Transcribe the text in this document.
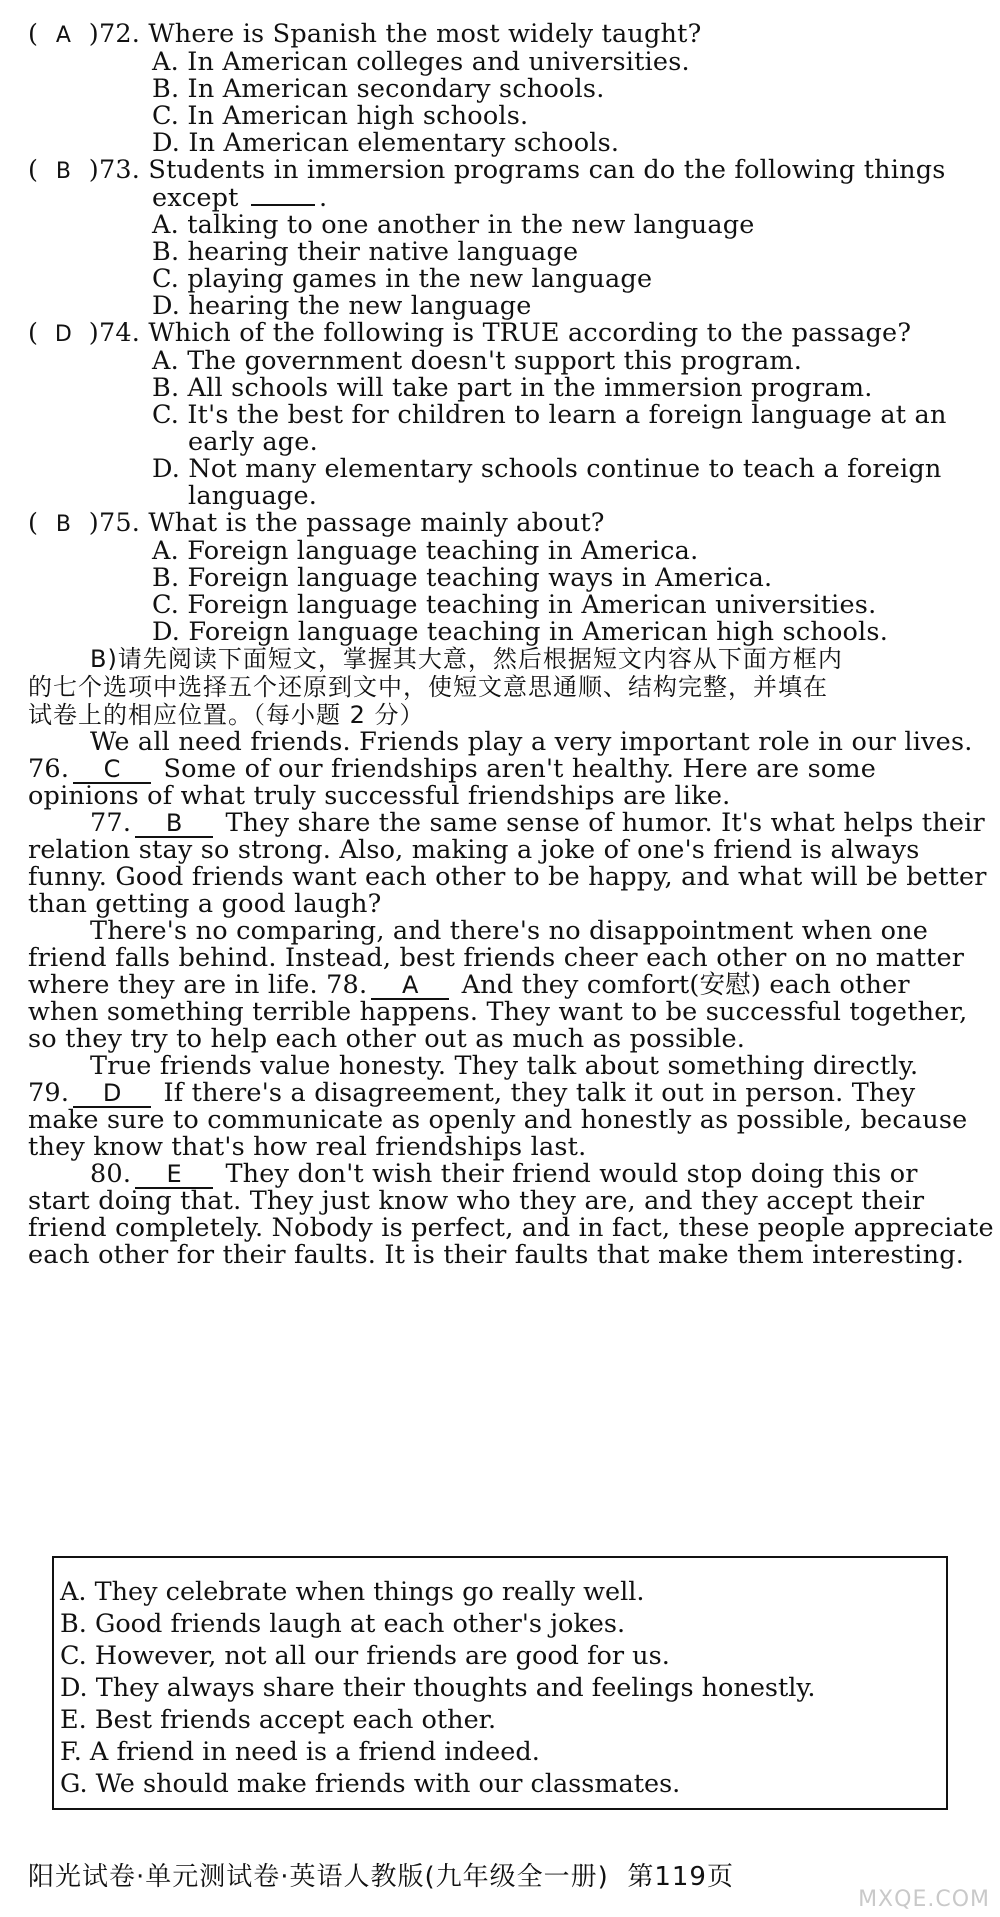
( A )72. Where is Spanish the most widely taught?
A. In American colleges and universities.
B. In American secondary schools.
C. In American high schools.
D. In American elementary schools.
( B )73. Students in immersion programs can do the following things
except	.
A. talking to one another in the new language
B. hearing their native language
C. playing games in the new language
D. hearing the new language
( D )74. Which of the following is TRUE according to the passage?
A. The government doesn't support this program.
B. All schools will take part in the immersion program.
C. It's the best for children to learn a foreign language at an
early age.
D. Not many elementary schools continue to teach a foreign
language.
( B )75. What is the passage mainly about?
A. Foreign language teaching in America.
B. Foreign language teaching ways in America.
C. Foreign language teaching in American universities.
D. Foreign language teaching in American high schools.
B)请先阅读下面短文，掌握其大意，然后根据短文内容从下面方框内
的七个选项中选择五个还原到文中，使短文意思通顺、结构完整，并填在
试卷上的相应位置。（每小题 2 分）
We all need friends. Friends play a very important role in our lives.
76. C Some of our friendships aren't healthy. Here are some
opinions of what truly successful friendships are like.
77. B They share the same sense of humor. It's what helps their
relation stay so strong. Also, making a joke of one's friend is always
funny. Good friends want each other to be happy, and what will be better
than getting a good laugh?
There's no comparing, and there's no disappointment when one
friend falls behind. Instead, best friends cheer each other on no matter
where they are in life. 78. A And they comfort(安慰) each other
when something terrible happens. They want to be successful together,
so they try to help each other out as much as possible.
True friends value honesty. They talk about something directly.
79. D If there's a disagreement, they talk it out in person. They
make sure to communicate as openly and honestly as possible, because
they know that's how real friendships last.
80. E They don't wish their friend would stop doing this or
start doing that. They just know who they are, and they accept their
friend completely. Nobody is perfect, and in fact, these people appreciate
each other for their faults. It is their faults that make them interesting.
A. They celebrate when things go really well.
B. Good friends laugh at each other's jokes.
C. However, not all our friends are good for us.
D. They always share their thoughts and feelings honestly.
E. Best friends accept each other.
F. A friend in need is a friend indeed.
G. We should make friends with our classmates.
阳光试卷·单元测试卷·英语人教版(九年级全一册)  第119页
MXQE.COM
